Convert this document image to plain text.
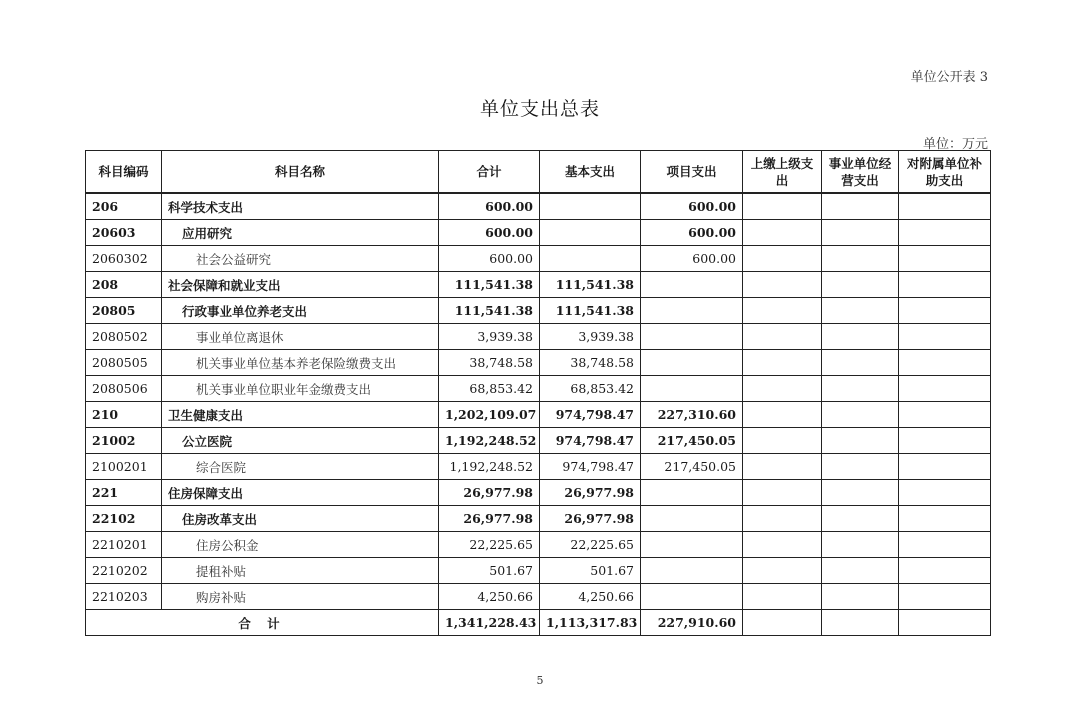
单位公开表 3
单位支出总表
单位：万元
科目编码	科目名称	合计	基本支出	项目支出	上缴上级支出	事业单位经营支出	对附属单位补助支出
206	科学技术支出	600.00		600.00			
20603	应用研究	600.00		600.00			
2060302	社会公益研究	600.00		600.00			
208	社会保障和就业支出	111,541.38	111,541.38				
20805	行政事业单位养老支出	111,541.38	111,541.38				
2080502	事业单位离退休	3,939.38	3,939.38				
2080505	机关事业单位基本养老保险缴费支出	38,748.58	38,748.58				
2080506	机关事业单位职业年金缴费支出	68,853.42	68,853.42				
210	卫生健康支出	1,202,109.07	974,798.47	227,310.60			
21002	公立医院	1,192,248.52	974,798.47	217,450.05			
2100201	综合医院	1,192,248.52	974,798.47	217,450.05			
221	住房保障支出	26,977.98	26,977.98				
22102	住房改革支出	26,977.98	26,977.98				
2210201	住房公积金	22,225.65	22,225.65				
2210202	提租补贴	501.67	501.67				
2210203	购房补贴	4,250.66	4,250.66				
合 计		1,341,228.43	1,113,317.83	227,910.60			
5
